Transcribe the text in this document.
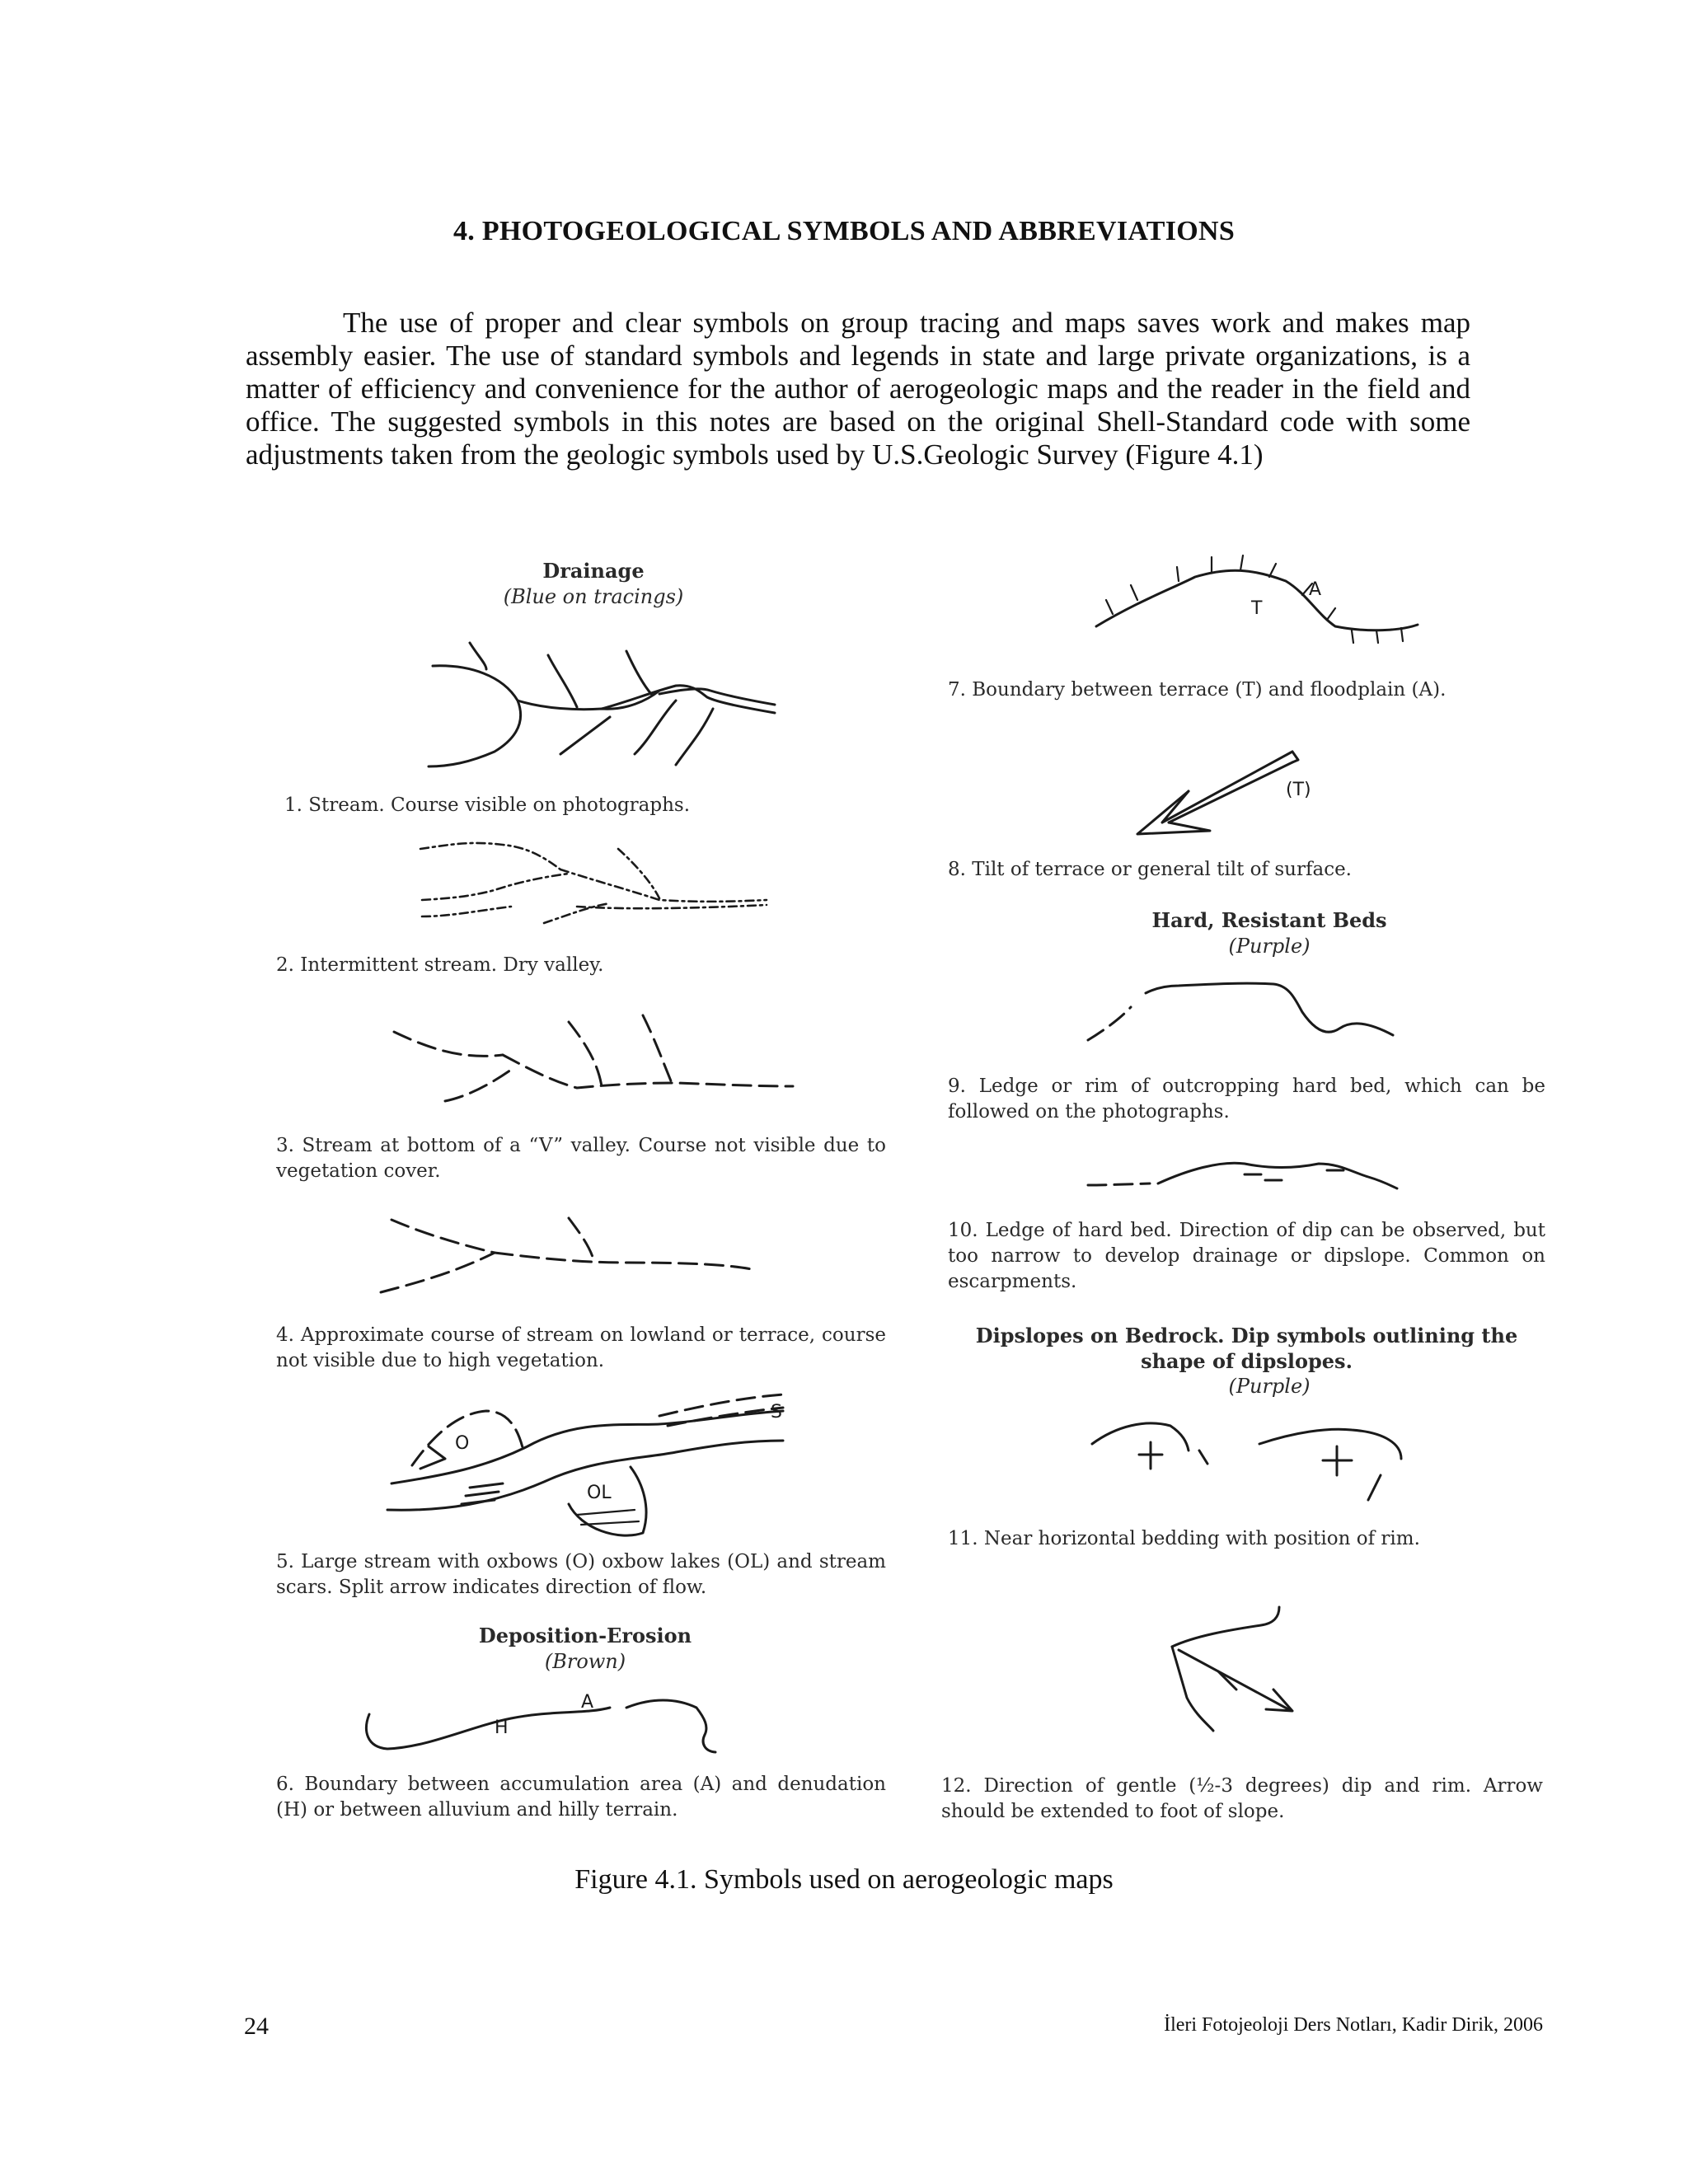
4. PHOTOGEOLOGICAL SYMBOLS AND ABBREVIATIONS

The use of proper and clear symbols on group tracing and maps saves work and makes map assembly easier. The use of standard symbols and legends in state and large private organizations, is a matter of efficiency and convenience for the author of aerogeologic maps and the reader in the field and office. The suggested symbols in this notes are based on the original Shell-Standard code with some adjustments taken from the geologic symbols used by U.S.Geologic Survey (Figure 4.1)

OL
O
S
H
A
T
A
(T)
Drainage
(Blue on tracings)
1. Stream. Course visible on photographs.
2. Intermittent stream. Dry valley.
3. Stream at bottom of a “V” valley. Course not visible due to vegetation cover.
4. Approximate course of stream on lowland or terrace, course not visible due to high vegetation.
5. Large stream with oxbows (O) oxbow lakes (OL) and stream scars. Split arrow indicates direction of flow.
Deposition-Erosion
(Brown)
6. Boundary between accumulation area (A) and denudation (H) or between alluvium and hilly terrain.
7. Boundary between terrace (T) and floodplain (A).
8. Tilt of terrace or general tilt of surface.
Hard, Resistant Beds
(Purple)
9. Ledge or rim of outcropping hard bed, which can be followed on the photographs.
10. Ledge of hard bed. Direction of dip can be observed, but too narrow to develop drainage or dipslope. Common on escarpments.
Dipslopes on Bedrock. Dip symbols outlining the shape of dipslopes.
(Purple)
11. Near horizontal bedding with position of rim.
12. Direction of gentle (½-3 degrees) dip and rim. Arrow should be extended to foot of slope.
Figure 4.1. Symbols used on aerogeologic maps
24	İleri Fotojeoloji Ders Notları, Kadir Dirik, 2006
